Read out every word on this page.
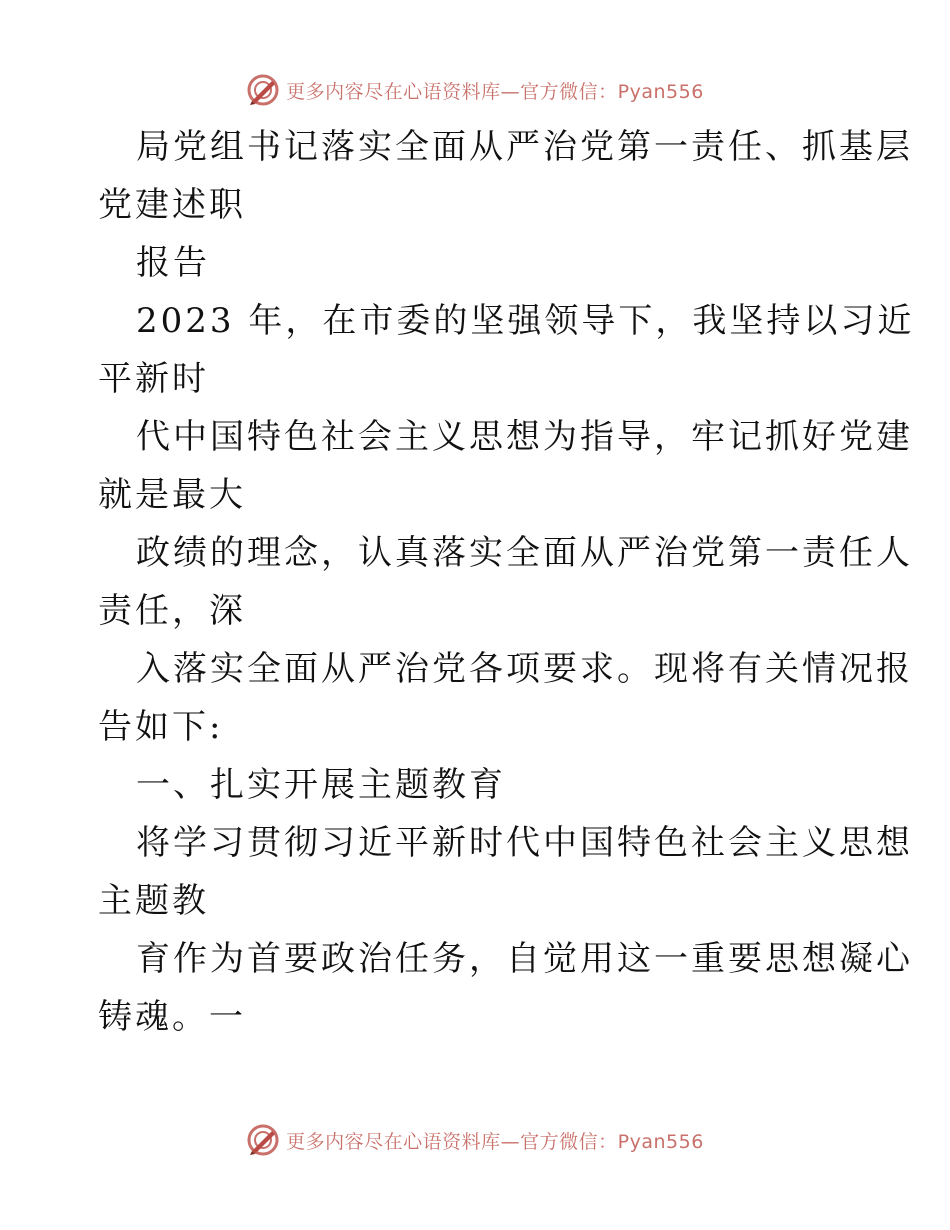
更多内容尽在心语资料库—官方微信：Pyan556
局党组书记落实全面从严治党第一责任、抓基层
党建述职
报告
2023 年，在市委的坚强领导下，我坚持以习近
平新时
代中国特色社会主义思想为指导，牢记抓好党建
就是最大
政绩的理念，认真落实全面从严治党第一责任人
责任，深
入落实全面从严治党各项要求。现将有关情况报
告如下:
一、扎实开展主题教育
将学习贯彻习近平新时代中国特色社会主义思想
主题教
育作为首要政治任务，自觉用这一重要思想凝心
铸魂。一
更多内容尽在心语资料库—官方微信：Pyan556
